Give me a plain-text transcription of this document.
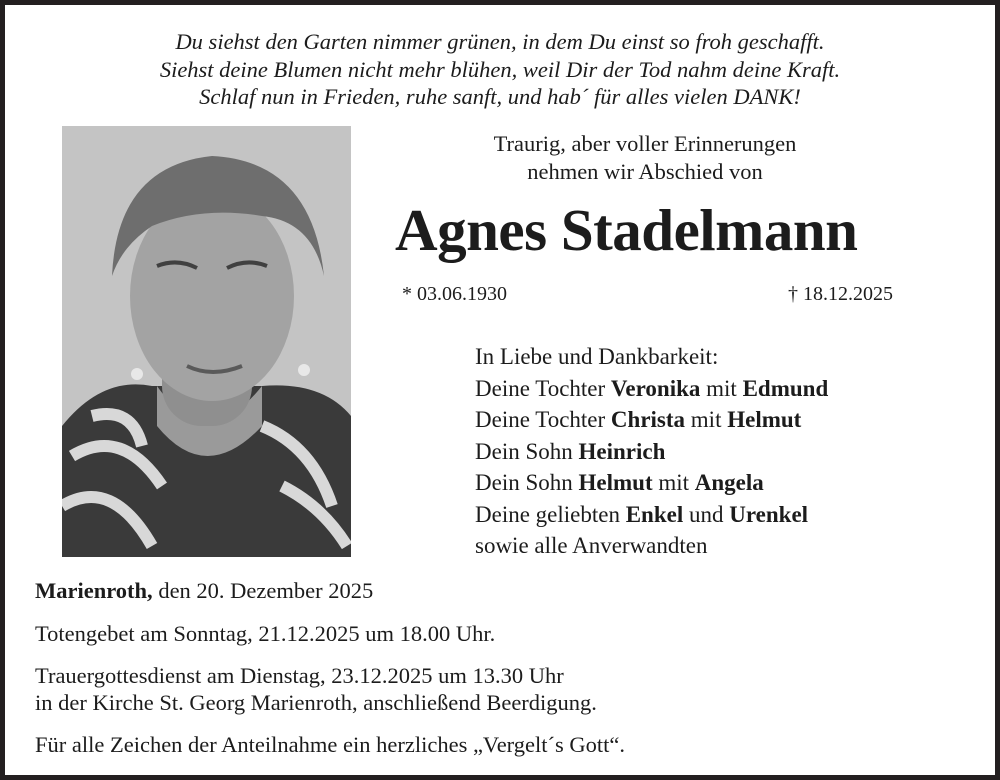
Du siehst den Garten nimmer grünen, in dem Du einst so froh geschafft.
Siehst deine Blumen nicht mehr blühen, weil Dir der Tod nahm deine Kraft.
Schlaf nun in Frieden, ruhe sanft, und hab´ für alles vielen DANK!
Traurig, aber voller Erinnerungen
nehmen wir Abschied von
Agnes Stadelmann
* 03.06.1930	† 18.12.2025
In Liebe und Dankbarkeit:
Deine Tochter Veronika mit Edmund
Deine Tochter Christa mit Helmut
Dein Sohn Heinrich
Dein Sohn Helmut mit Angela
Deine geliebten Enkel und Urenkel
sowie alle Anverwandten
Marienroth, den 20. Dezember 2025
Totengebet am Sonntag, 21.12.2025 um 18.00 Uhr.
Trauergottesdienst am Dienstag, 23.12.2025 um 13.30 Uhr
in der Kirche St. Georg Marienroth, anschließend Beerdigung.
Für alle Zeichen der Anteilnahme ein herzliches „Vergelt´s Gott“.
